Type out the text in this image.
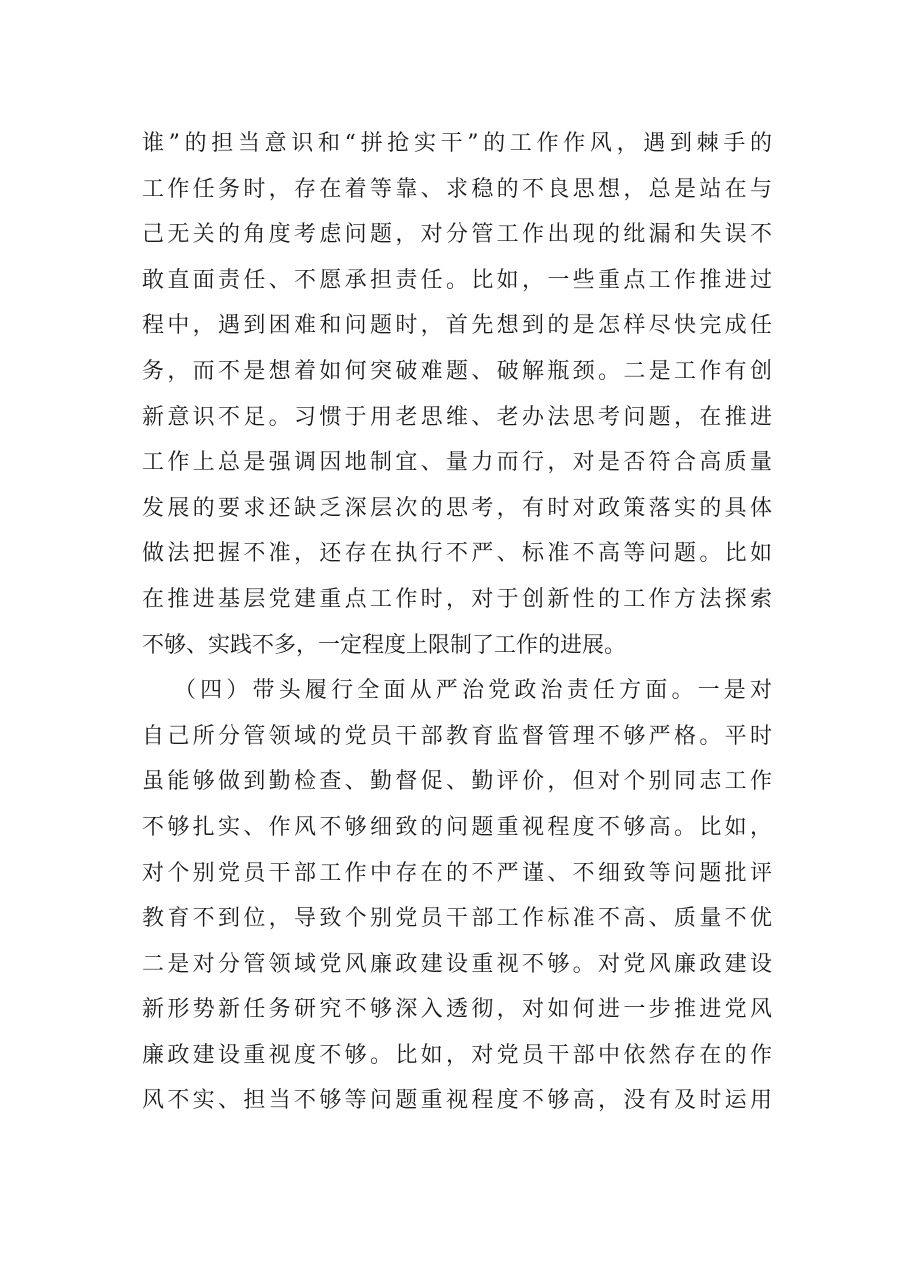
谁”的担当意识和“拼抢实干”的工作作风，遇到棘手的
工作任务时，存在着等靠、求稳的不良思想，总是站在与
己无关的角度考虑问题，对分管工作出现的纰漏和失误不
敢直面责任、不愿承担责任。比如，一些重点工作推进过
程中，遇到困难和问题时，首先想到的是怎样尽快完成任
务，而不是想着如何突破难题、破解瓶颈。二是工作有创
新意识不足。习惯于用老思维、老办法思考问题，在推进
工作上总是强调因地制宜、量力而行，对是否符合高质量
发展的要求还缺乏深层次的思考，有时对政策落实的具体
做法把握不准，还存在执行不严、标准不高等问题。比如
在推进基层党建重点工作时，对于创新性的工作方法探索
不够、实践不多，一定程度上限制了工作的进展。
（四）带头履行全面从严治党政治责任方面。一是对
自己所分管领域的党员干部教育监督管理不够严格。平时
虽能够做到勤检查、勤督促、勤评价，但对个别同志工作
不够扎实、作风不够细致的问题重视程度不够高。比如，
对个别党员干部工作中存在的不严谨、不细致等问题批评
教育不到位，导致个别党员干部工作标准不高、质量不优
二是对分管领域党风廉政建设重视不够。对党风廉政建设
新形势新任务研究不够深入透彻，对如何进一步推进党风
廉政建设重视度不够。比如，对党员干部中依然存在的作
风不实、担当不够等问题重视程度不够高，没有及时运用
